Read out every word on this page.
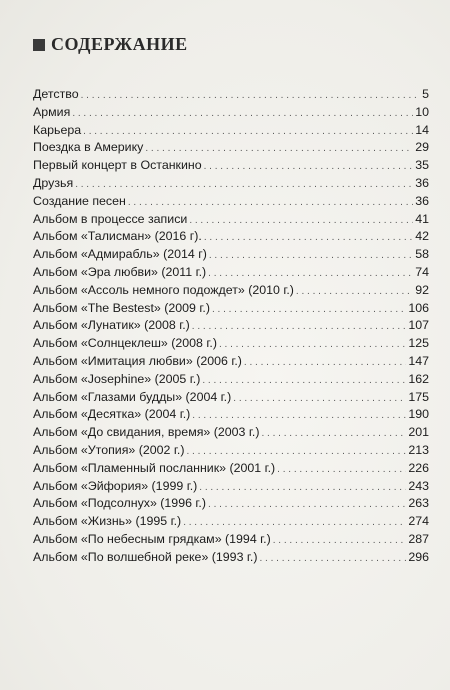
СОДЕРЖАНИЕ
Детство . . .	5
Армия . . .	10
Карьера . . .	14
Поездка в Америку . . .	29
Первый концерт в Останкино . . .	35
Друзья . . .	36
Создание песен . . .	36
Альбом в процессе записи . . .	41
Альбом «Талисман» (2016 г). . . .	42
Альбом «Адмирабль» (2014 г) . . .	58
Альбом «Эра любви» (2011 г.) . . .	74
Альбом «Ассоль немного подождет» (2010 г.) . . .	92
Альбом «The Bestest» (2009 г.) . . .	106
Альбом «Лунатик» (2008 г.) . . .	107
Альбом «Солнцеклеш» (2008 г.) . . .	125
Альбом «Имитация любви» (2006 г.) . . .	147
Альбом «Josephine» (2005 г.) . . .	162
Альбом «Глазами будды» (2004 г.) . . .	175
Альбом «Десятка» (2004 г.) . . .	190
Альбом «До свидания, время» (2003 г.) . . .	201
Альбом «Утопия» (2002 г.) . . .	213
Альбом «Пламенный посланник» (2001 г.) . . .	226
Альбом «Эйфория» (1999 г.) . . .	243
Альбом «Подсолнух» (1996 г.) . . .	263
Альбом «Жизнь» (1995 г.) . . .	274
Альбом «По небесным грядкам» (1994 г.) . . .	287
Альбом «По волшебной реке» (1993 г.) . . .	296
